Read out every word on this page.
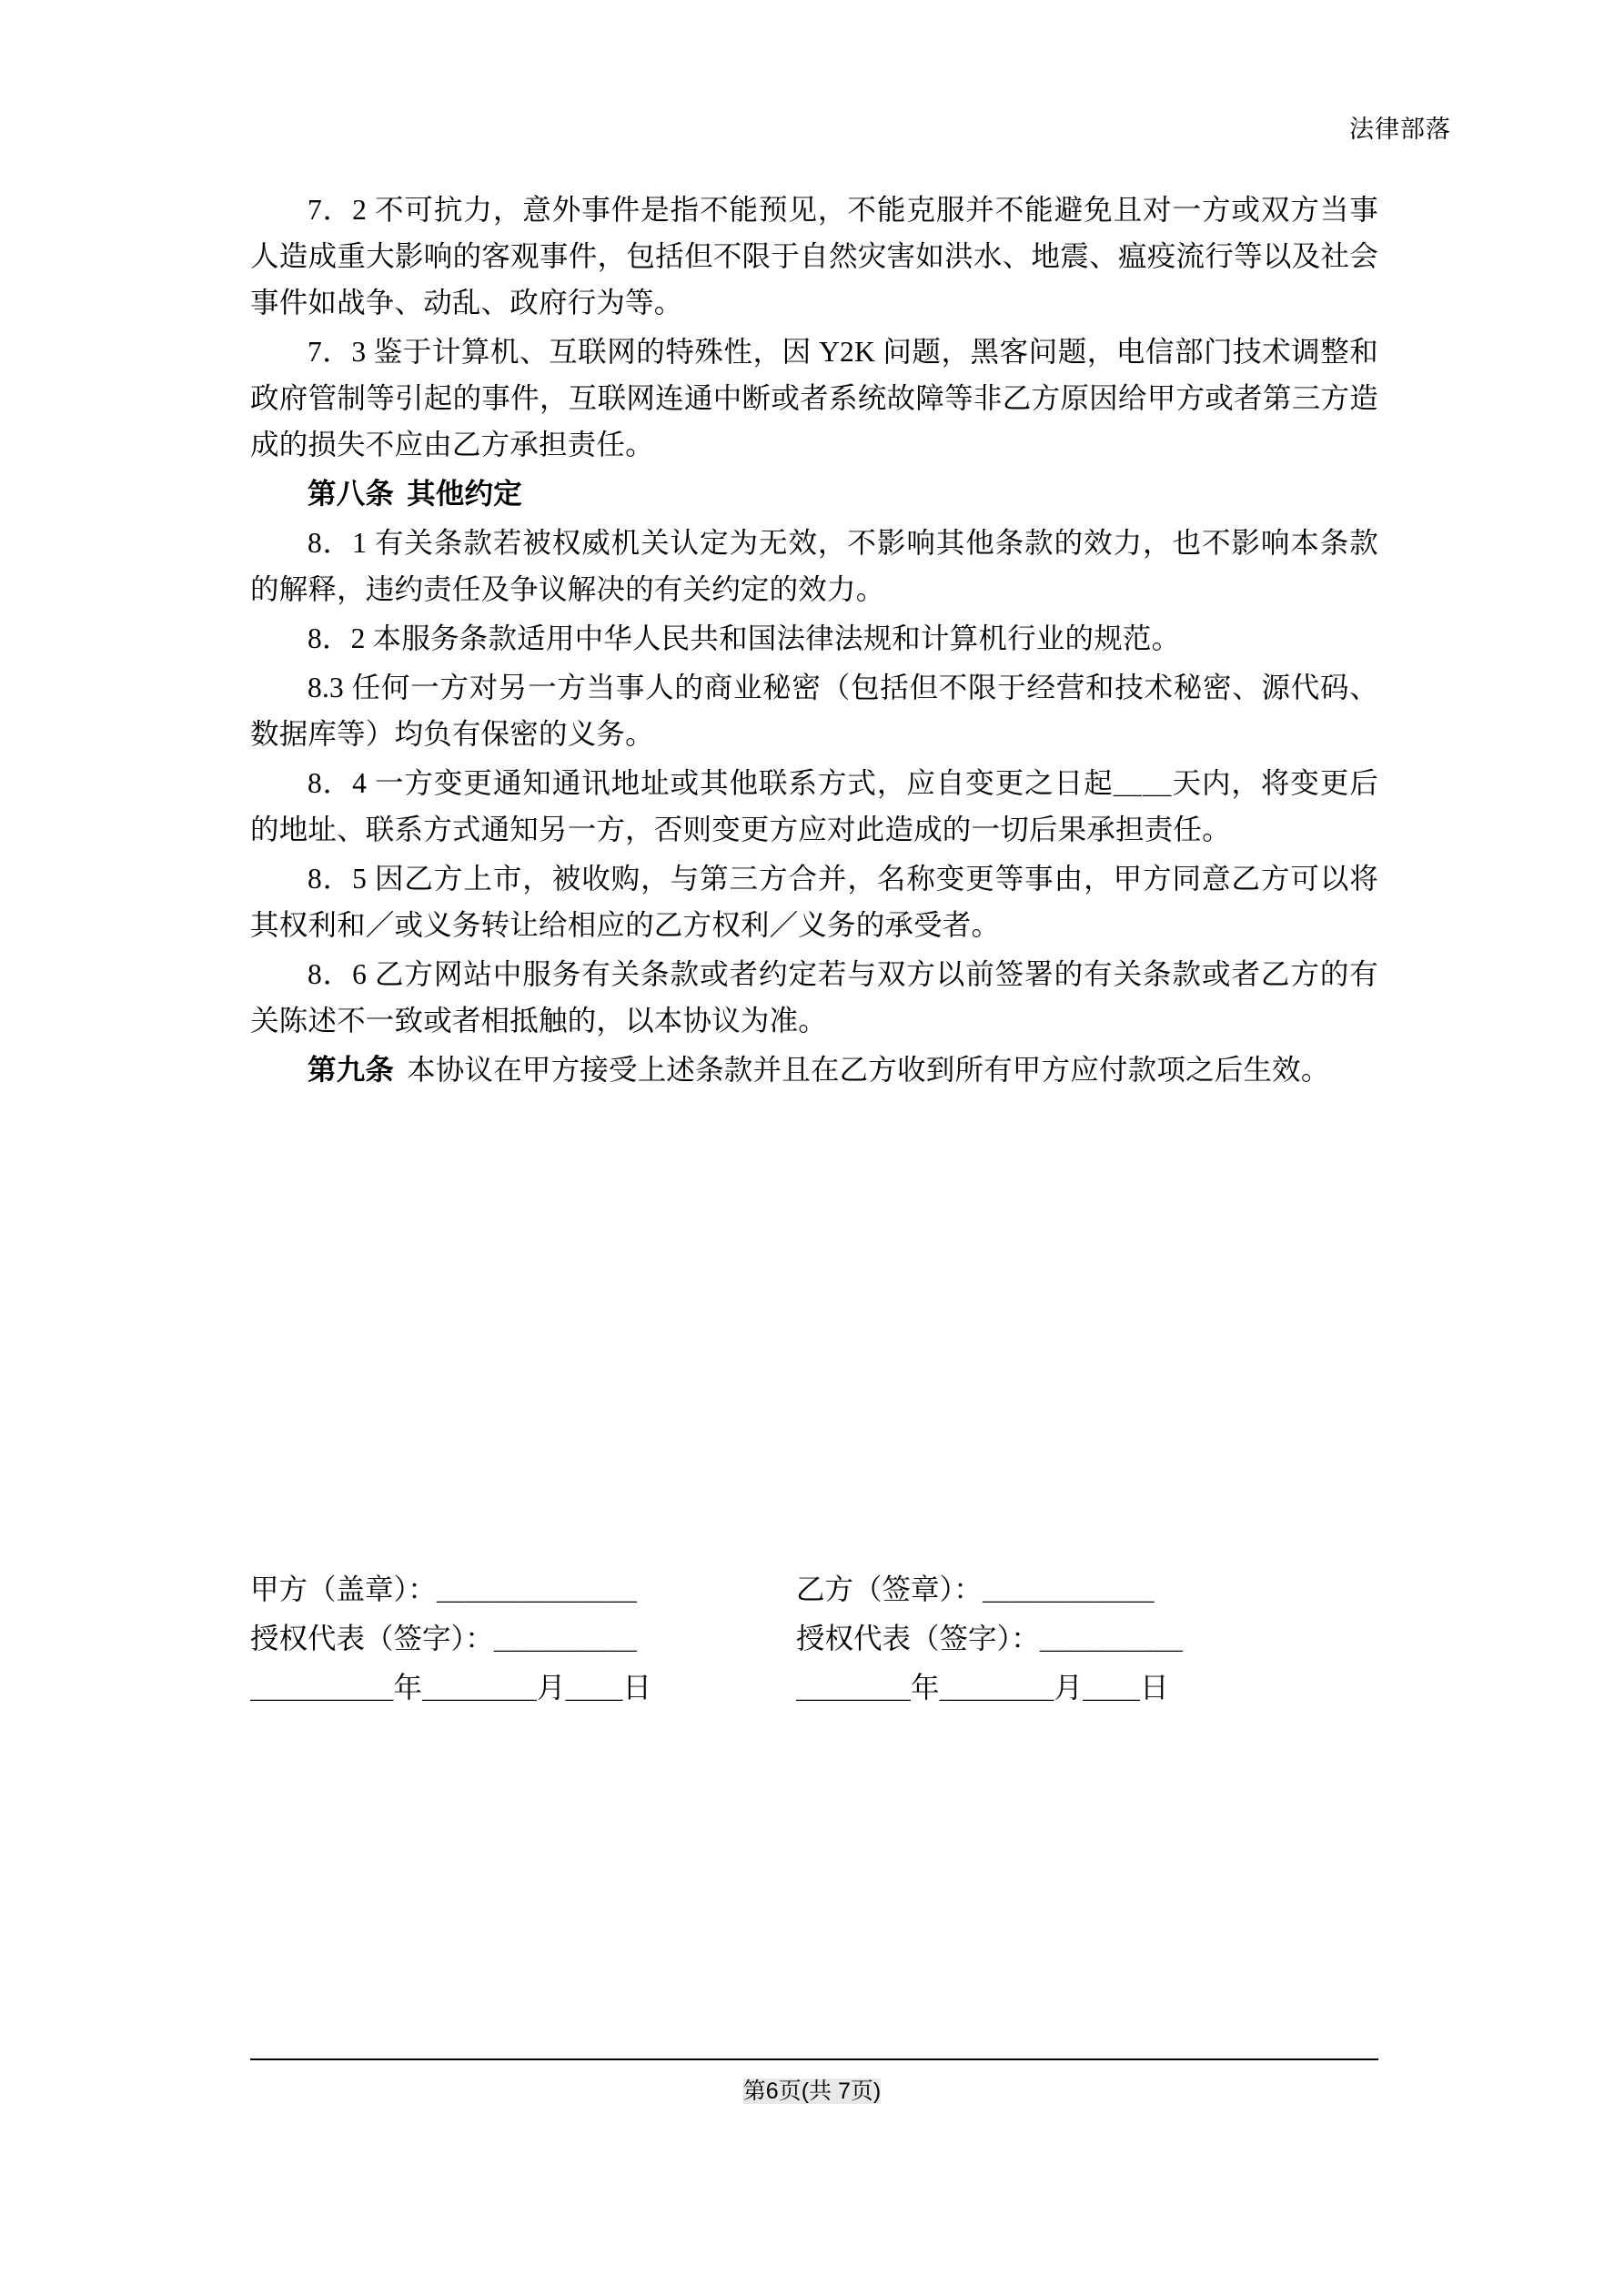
法律部落

7．2 不可抗力，意外事件是指不能预见，不能克服并不能避免且对一方或双方当事人造成重大影响的客观事件，包括但不限于自然灾害如洪水、地震、瘟疫流行等以及社会事件如战争、动乱、政府行为等。

7．3 鉴于计算机、互联网的特殊性，因 Y2K 问题，黑客问题，电信部门技术调整和政府管制等引起的事件，互联网连通中断或者系统故障等非乙方原因给甲方或者第三方造成的损失不应由乙方承担责任。

第八条 其他约定

8．1 有关条款若被权威机关认定为无效，不影响其他条款的效力，也不影响本条款的解释，违约责任及争议解决的有关约定的效力。

8．2 本服务条款适用中华人民共和国法律法规和计算机行业的规范。

8.3 任何一方对另一方当事人的商业秘密（包括但不限于经营和技术秘密、源代码、数据库等）均负有保密的义务。

8．4 一方变更通知通讯地址或其他联系方式，应自变更之日起＿＿天内，将变更后的地址、联系方式通知另一方，否则变更方应对此造成的一切后果承担责任。

8．5 因乙方上市，被收购，与第三方合并，名称变更等事由，甲方同意乙方可以将其权利和／或义务转让给相应的乙方权利／义务的承受者。

8．6 乙方网站中服务有关条款或者约定若与双方以前签署的有关条款或者乙方的有关陈述不一致或者相抵触的，以本协议为准。

第九条 本协议在甲方接受上述条款并且在乙方收到所有甲方应付款项之后生效。

甲方（盖章）：＿＿＿＿＿＿＿	乙方（签章）：＿＿＿＿＿＿
授权代表（签字）：＿＿＿＿＿	授权代表（签字）：＿＿＿＿＿
＿＿＿＿＿年＿＿＿＿月＿＿日	＿＿＿＿年＿＿＿＿月＿＿日
第6页(共 7页)
